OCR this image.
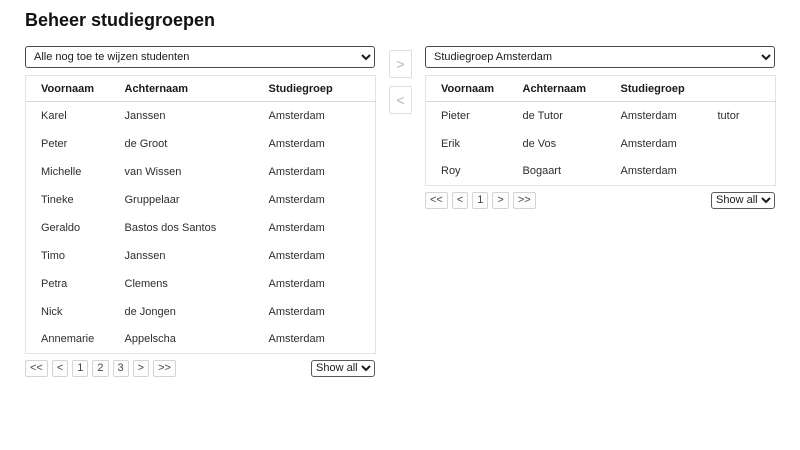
Beheer studiegroepen
Alle nog toe te wijzen studenten
Voornaam	Achternaam	Studiegroep
Karel	Janssen	Amsterdam
Peter	de Groot	Amsterdam
Michelle	van Wissen	Amsterdam
Tineke	Gruppelaar	Amsterdam
Geraldo	Bastos dos Santos	Amsterdam
Timo	Janssen	Amsterdam
Petra	Clemens	Amsterdam
Nick	de Jongen	Amsterdam
Annemarie	Appelscha	Amsterdam
<<	<	1	2	3	>	>>
Show all
>
<
Studiegroep Amsterdam
Voornaam	Achternaam	Studiegroep	
Pieter	de Tutor	Amsterdam	tutor
Erik	de Vos	Amsterdam	
Roy	Bogaart	Amsterdam	
<<	<	1	>	>>
Show all
